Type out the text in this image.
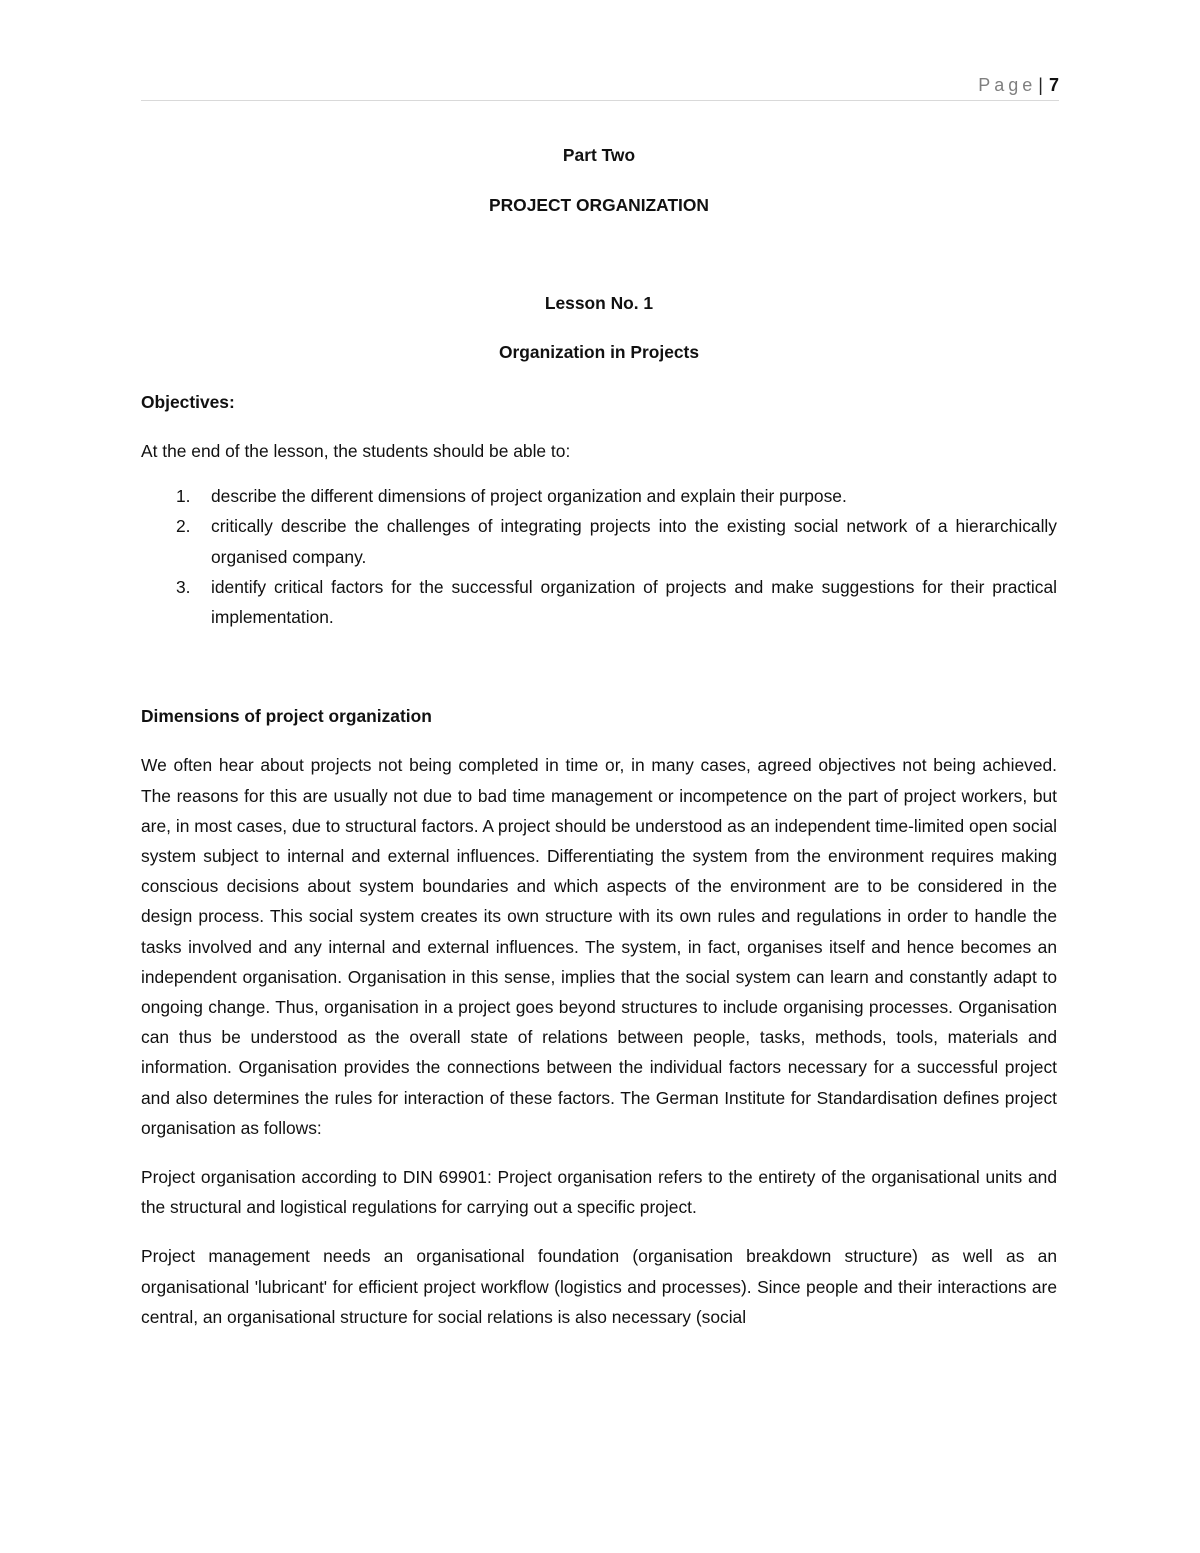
Page | 7

Part Two

PROJECT ORGANIZATION

Lesson No. 1

Organization in Projects

Objectives:

At the end of the lesson, the students should be able to:

1. describe the different dimensions of project organization and explain their purpose.
2. critically describe the challenges of integrating projects into the existing social network of a hierarchically organised company.
3. identify critical factors for the successful organization of projects and make suggestions for their practical implementation.

Dimensions of project organization

We often hear about projects not being completed in time or, in many cases, agreed objectives not being achieved. The reasons for this are usually not due to bad time management or incompetence on the part of project workers, but are, in most cases, due to structural factors. A project should be understood as an independent time-limited open social system subject to internal and external influences. Differentiating the system from the environment requires making conscious decisions about system boundaries and which aspects of the environment are to be considered in the design process. This social system creates its own structure with its own rules and regulations in order to handle the tasks involved and any internal and external influences. The system, in fact, organises itself and hence becomes an independent organisation. Organisation in this sense, implies that the social system can learn and constantly adapt to ongoing change. Thus, organisation in a project goes beyond structures to include organising processes. Organisation can thus be understood as the overall state of relations between people, tasks, methods, tools, materials and information. Organisation provides the connections between the individual factors necessary for a successful project and also determines the rules for interaction of these factors. The German Institute for Standardisation defines project organisation as follows:

Project organisation according to DIN 69901: Project organisation refers to the entirety of the organisational units and the structural and logistical regulations for carrying out a specific project.

Project management needs an organisational foundation (organisation breakdown structure) as well as an organisational 'lubricant' for efficient project workflow (logistics and processes). Since people and their interactions are central, an organisational structure for social relations is also necessary (social
